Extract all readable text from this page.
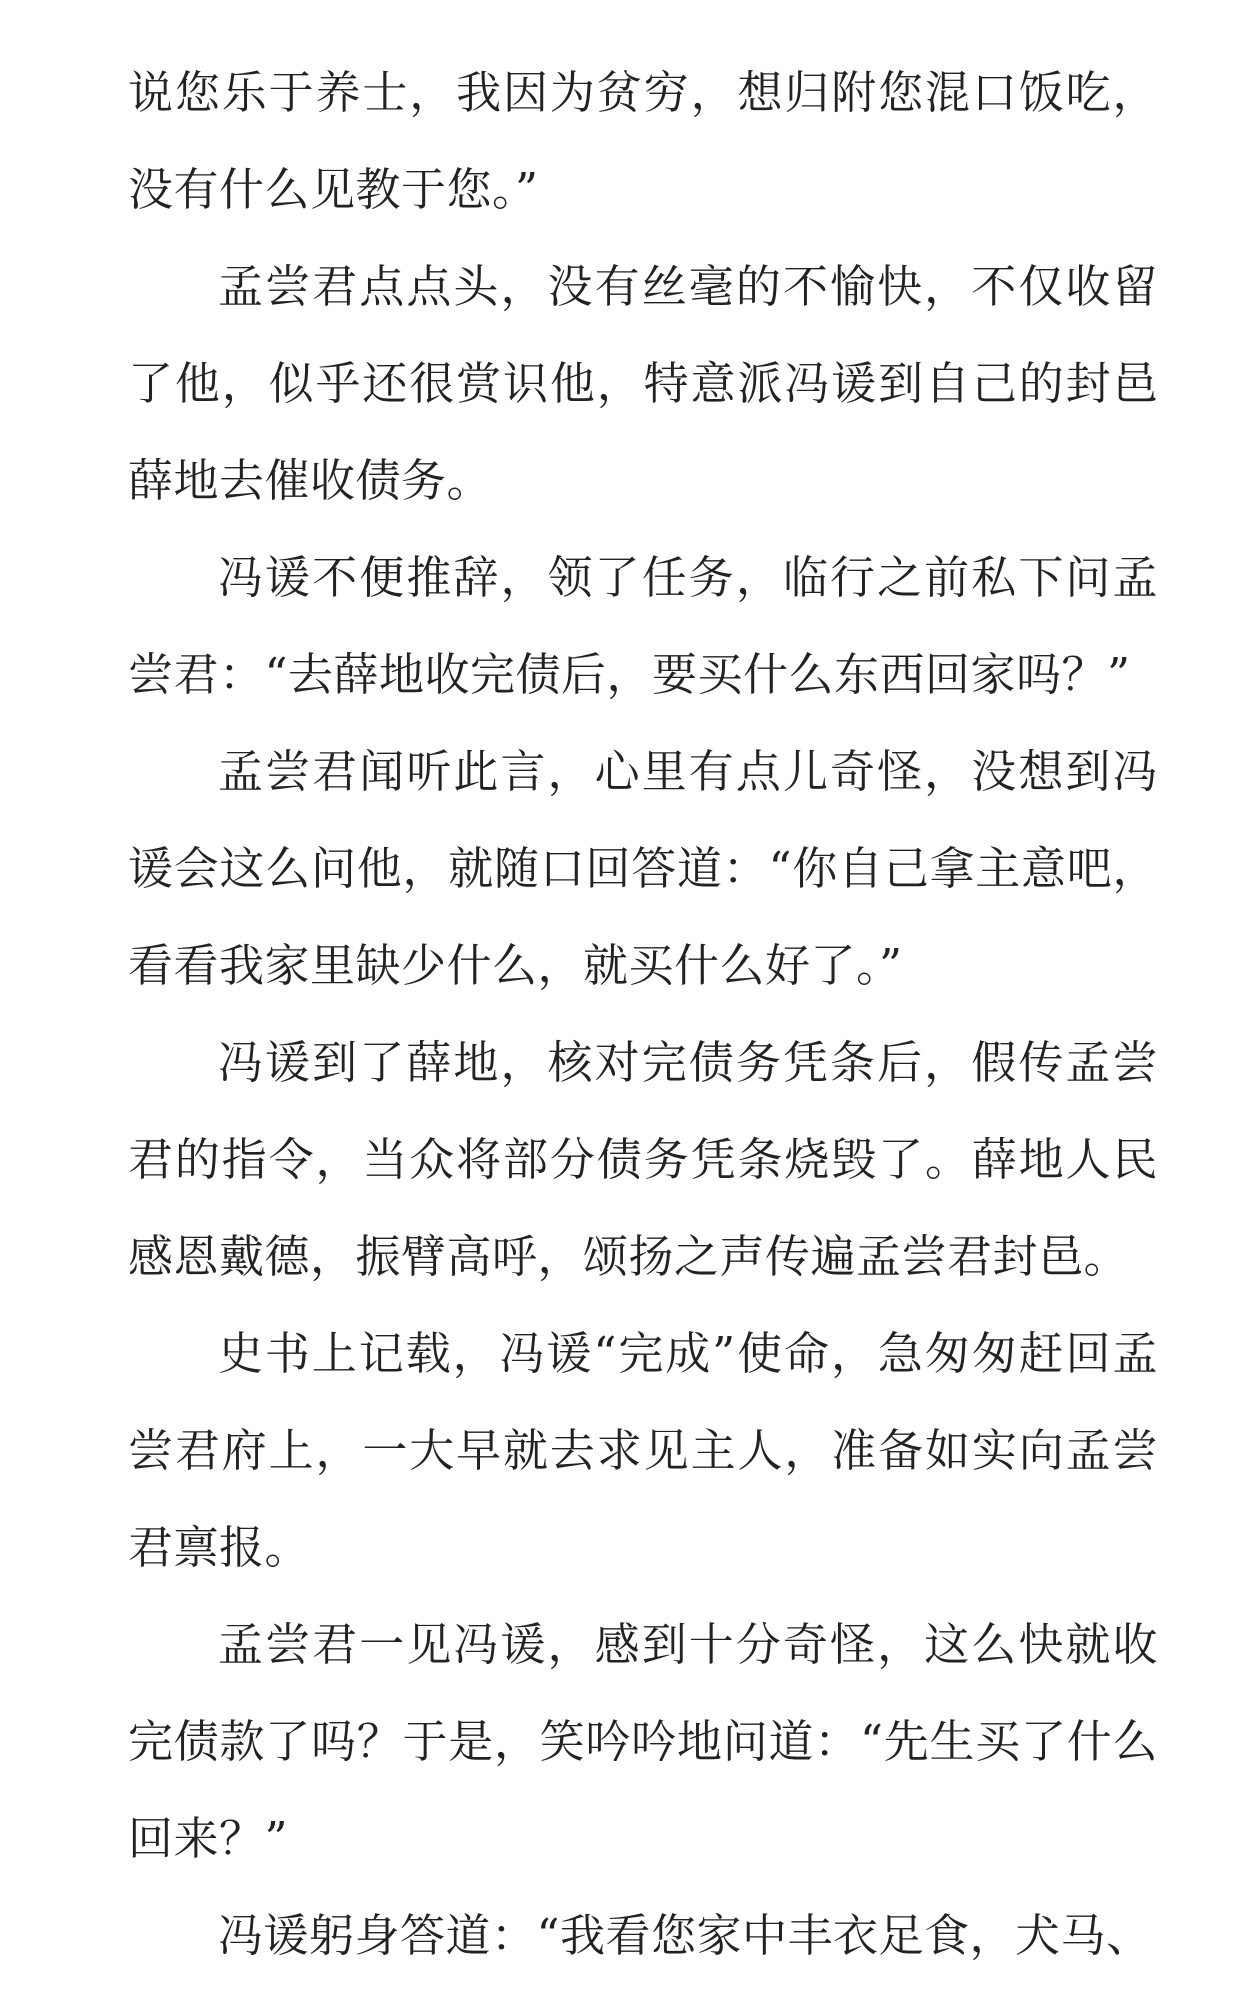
说您乐于养士，我因为贫穷，想归附您混口饭吃，没有什么见教于您。”

孟尝君点点头，没有丝毫的不愉快，不仅收留了他，似乎还很赏识他，特意派冯谖到自己的封邑薛地去催收债务。

冯谖不便推辞，领了任务，临行之前私下问孟尝君：“去薛地收完债后，要买什么东西回家吗？”

孟尝君闻听此言，心里有点儿奇怪，没想到冯谖会这么问他，就随口回答道：“你自己拿主意吧，看看我家里缺少什么，就买什么好了。”

冯谖到了薛地，核对完债务凭条后，假传孟尝君的指令，当众将部分债务凭条烧毁了。薛地人民感恩戴德，振臂高呼，颂扬之声传遍孟尝君封邑。

史书上记载，冯谖“完成”使命，急匆匆赶回孟尝君府上，一大早就去求见主人，准备如实向孟尝君禀报。

孟尝君一见冯谖，感到十分奇怪，这么快就收完债款了吗？于是，笑吟吟地问道：“先生买了什么回来？”

冯谖躬身答道：“我看您家中丰衣足食，犬马、
